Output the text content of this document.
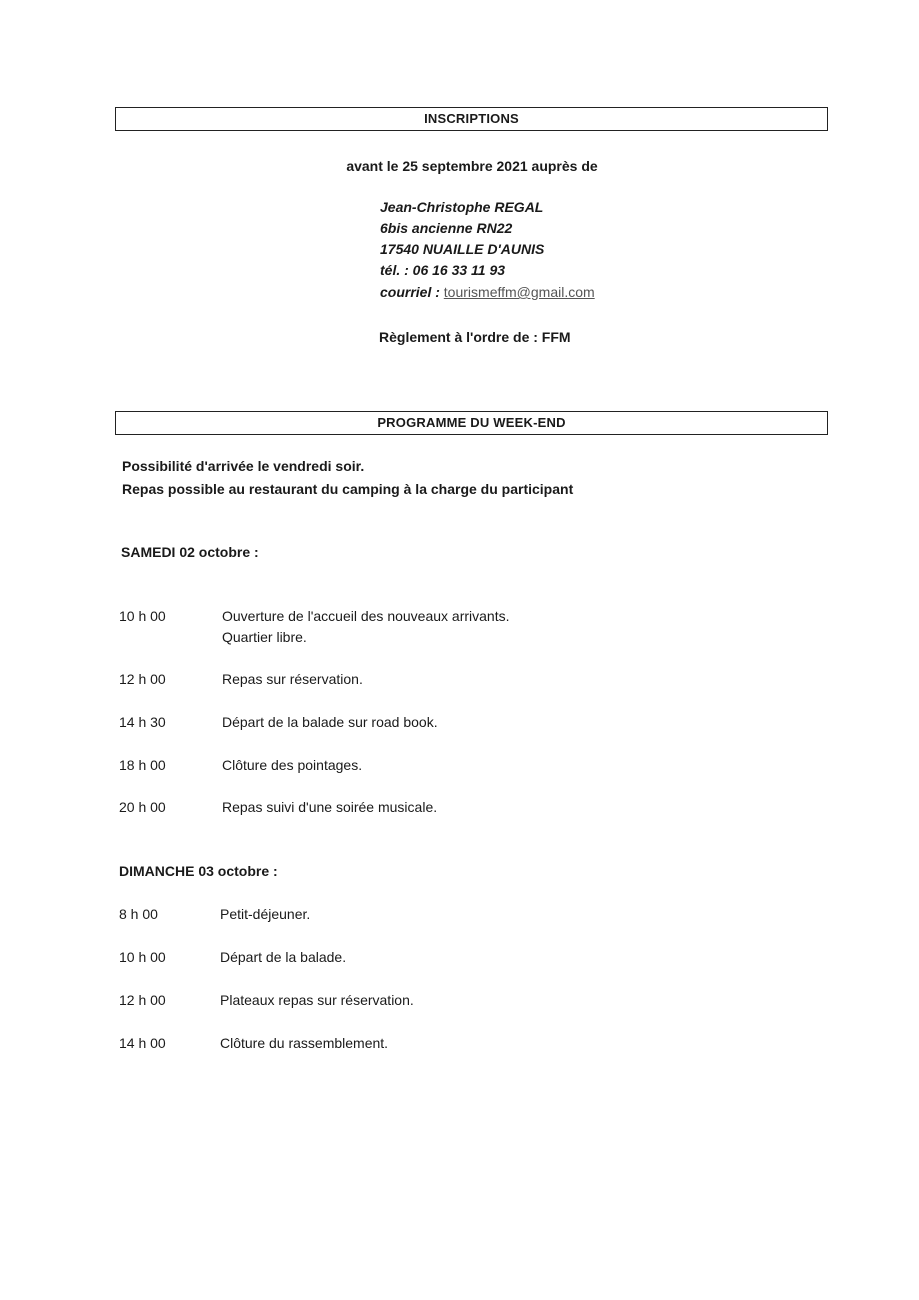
INSCRIPTIONS
avant le 25 septembre 2021 auprès de
Jean-Christophe REGAL
6bis ancienne RN22
17540 NUAILLE D'AUNIS
tél. : 06 16 33 11 93
courriel : tourismeffm@gmail.com
Règlement à l'ordre de : FFM
PROGRAMME DU WEEK-END
Possibilité d'arrivée le vendredi soir.
Repas possible au restaurant du camping à la charge du participant
SAMEDI 02 octobre :
10 h 00	Ouverture de l'accueil des nouveaux arrivants.
Quartier libre.
12 h 00	Repas sur réservation.
14 h 30	Départ de la balade sur road book.
18 h 00	Clôture des pointages.
20 h 00	Repas suivi d'une soirée musicale.
DIMANCHE 03 octobre :
8 h 00	Petit-déjeuner.
10 h 00	Départ de la balade.
12 h 00	Plateaux repas sur réservation.
14 h 00	Clôture du rassemblement.
